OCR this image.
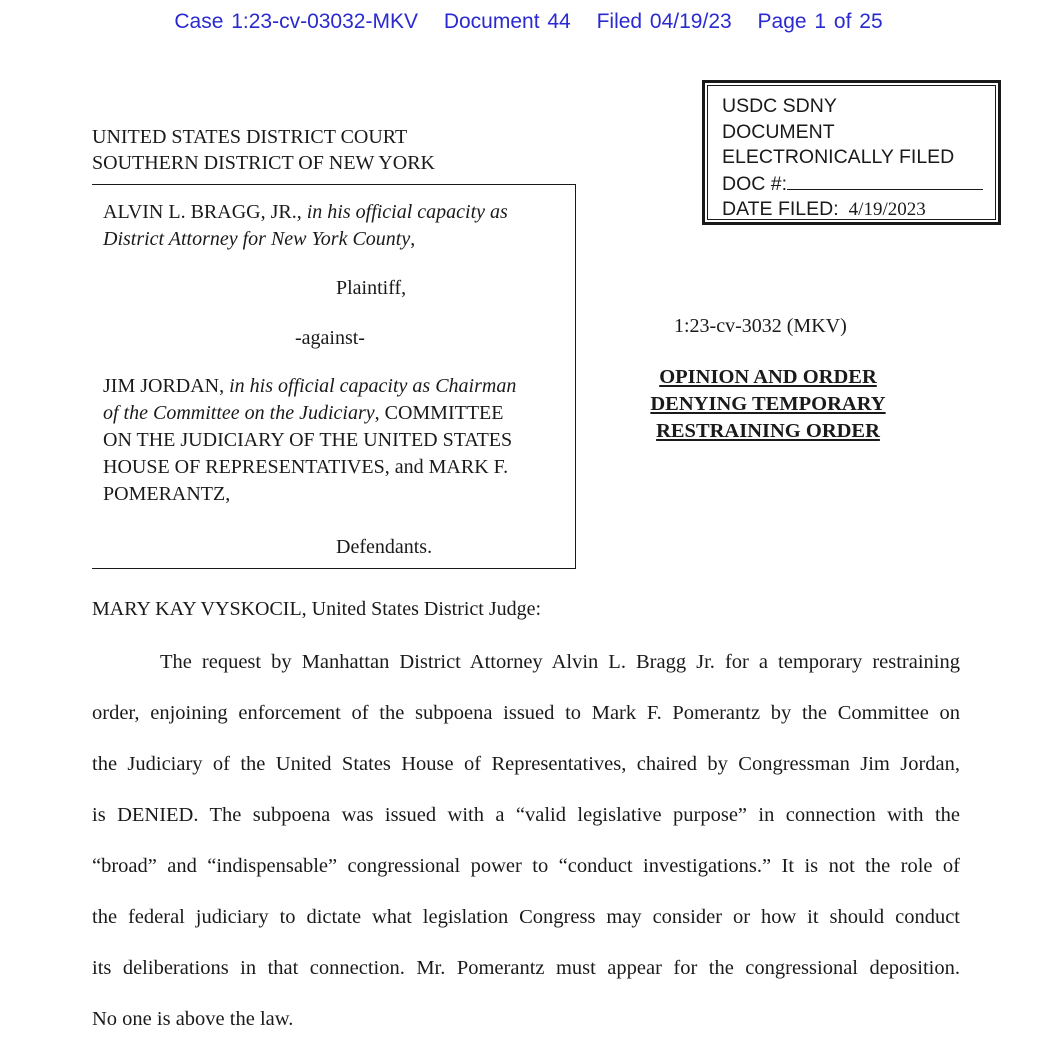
Case 1:23-cv-03032-MKV Document 44 Filed 04/19/23 Page 1 of 25
USDC SDNY
DOCUMENT
ELECTRONICALLY FILED
DOC #:
DATE FILED: 4/19/2023
UNITED STATES DISTRICT COURT
SOUTHERN DISTRICT OF NEW YORK
ALVIN L. BRAGG, JR., in his official capacity as
District Attorney for New York County,
Plaintiff,
-against-
JIM JORDAN, in his official capacity as Chairman
of the Committee on the Judiciary, COMMITTEE
ON THE JUDICIARY OF THE UNITED STATES
HOUSE OF REPRESENTATIVES, and MARK F.
POMERANTZ,
Defendants.
1:23-cv-3032 (MKV)
OPINION AND ORDER
DENYING TEMPORARY
RESTRAINING ORDER
MARY KAY VYSKOCIL, United States District Judge:
The request by Manhattan District Attorney Alvin L. Bragg Jr. for a temporary restraining
order, enjoining enforcement of the subpoena issued to Mark F. Pomerantz by the Committee on
the Judiciary of the United States House of Representatives, chaired by Congressman Jim Jordan,
is DENIED. The subpoena was issued with a “valid legislative purpose” in connection with the
“broad” and “indispensable” congressional power to “conduct investigations.” It is not the role of
the federal judiciary to dictate what legislation Congress may consider or how it should conduct
its deliberations in that connection. Mr. Pomerantz must appear for the congressional deposition.
No one is above the law.
